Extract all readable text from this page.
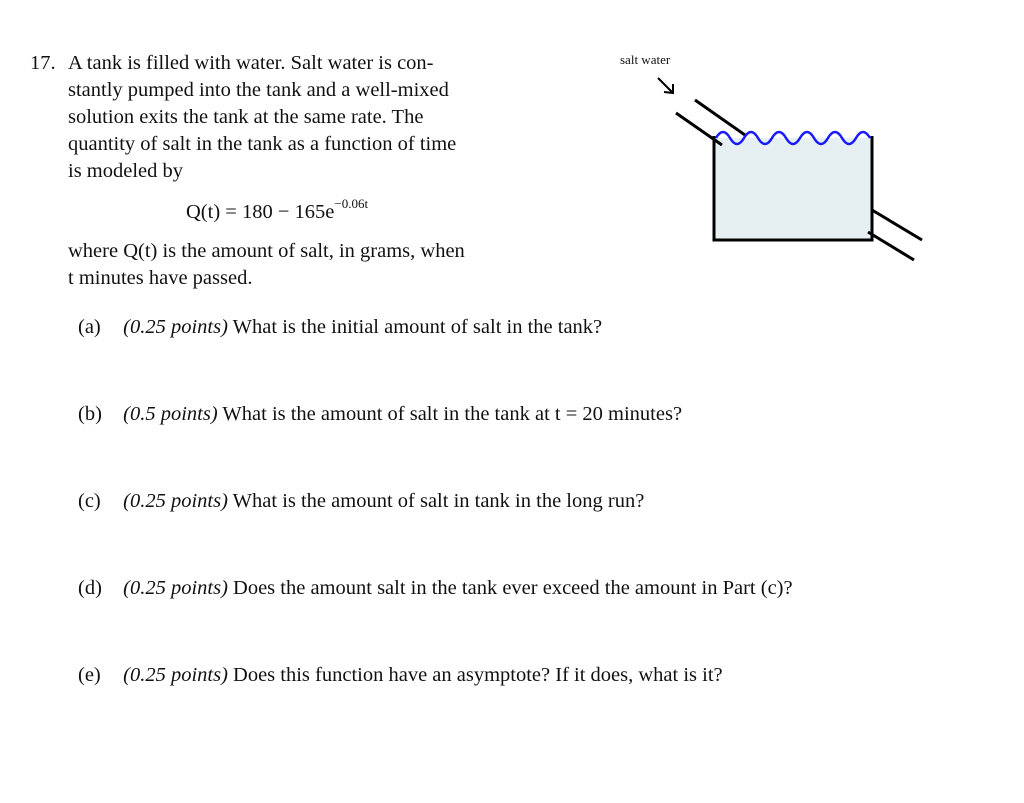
17. A tank is filled with water. Salt water is con-
stantly pumped into the tank and a well-mixed
solution exits the tank at the same rate. The
quantity of salt in the tank as a function of time
is modeled by
$Q(t) = 180 - 165e^{-0.06t}$
where Q(t) is the amount of salt, in grams, when
t minutes have passed.
salt water
(a) (0.25 points) What is the initial amount of salt in the tank?
(b) (0.5 points) What is the amount of salt in the tank at t = 20 minutes?
(c) (0.25 points) What is the amount of salt in tank in the long run?
(d) (0.25 points) Does the amount salt in the tank ever exceed the amount in Part (c)?
(e) (0.25 points) Does this function have an asymptote? If it does, what is it?
